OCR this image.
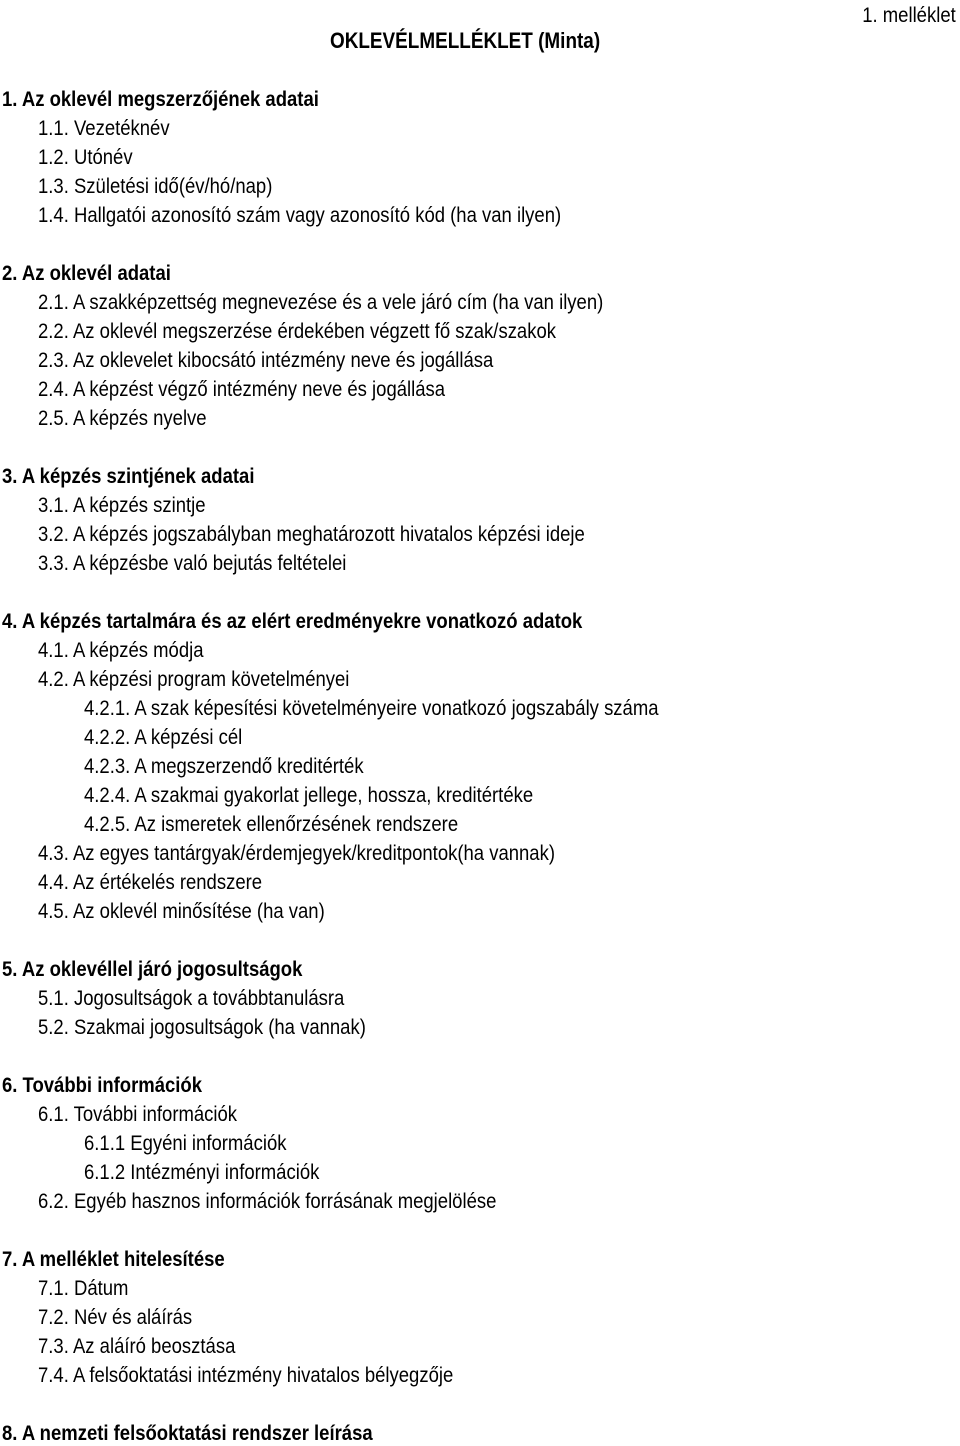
1. melléklet
OKLEVÉLMELLÉKLET (Minta)
1. Az oklevél megszerzőjének adatai
1.1. Vezetéknév
1.2. Utónév
1.3. Születési idő(év/hó/nap)
1.4. Hallgatói azonosító szám vagy azonosító kód (ha van ilyen)
2. Az oklevél adatai
2.1. A szakképzettség megnevezése és a vele járó cím (ha van ilyen)
2.2. Az oklevél megszerzése érdekében végzett fő szak/szakok
2.3. Az oklevelet kibocsátó intézmény neve és jogállása
2.4. A képzést végző intézmény neve és jogállása
2.5. A képzés nyelve
3. A képzés szintjének adatai
3.1. A képzés szintje
3.2. A képzés jogszabályban meghatározott hivatalos képzési ideje
3.3. A képzésbe való bejutás feltételei
4. A képzés tartalmára és az elért eredményekre vonatkozó adatok
4.1. A képzés módja
4.2. A képzési program követelményei
4.2.1. A szak képesítési követelményeire vonatkozó jogszabály száma
4.2.2. A képzési cél
4.2.3. A megszerzendő kreditérték
4.2.4. A szakmai gyakorlat jellege, hossza, kreditértéke
4.2.5. Az ismeretek ellenőrzésének rendszere
4.3. Az egyes tantárgyak/érdemjegyek/kreditpontok(ha vannak)
4.4. Az értékelés rendszere
4.5. Az oklevél minősítése (ha van)
5. Az oklevéllel járó jogosultságok
5.1. Jogosultságok a továbbtanulásra
5.2. Szakmai jogosultságok (ha vannak)
6. További információk
6.1. További információk
6.1.1 Egyéni információk
6.1.2 Intézményi információk
6.2. Egyéb hasznos információk forrásának megjelölése
7. A melléklet hitelesítése
7.1. Dátum
7.2. Név és aláírás
7.3. Az aláíró beosztása
7.4. A felsőoktatási intézmény hivatalos bélyegzője
8. A nemzeti felsőoktatási rendszer leírása
